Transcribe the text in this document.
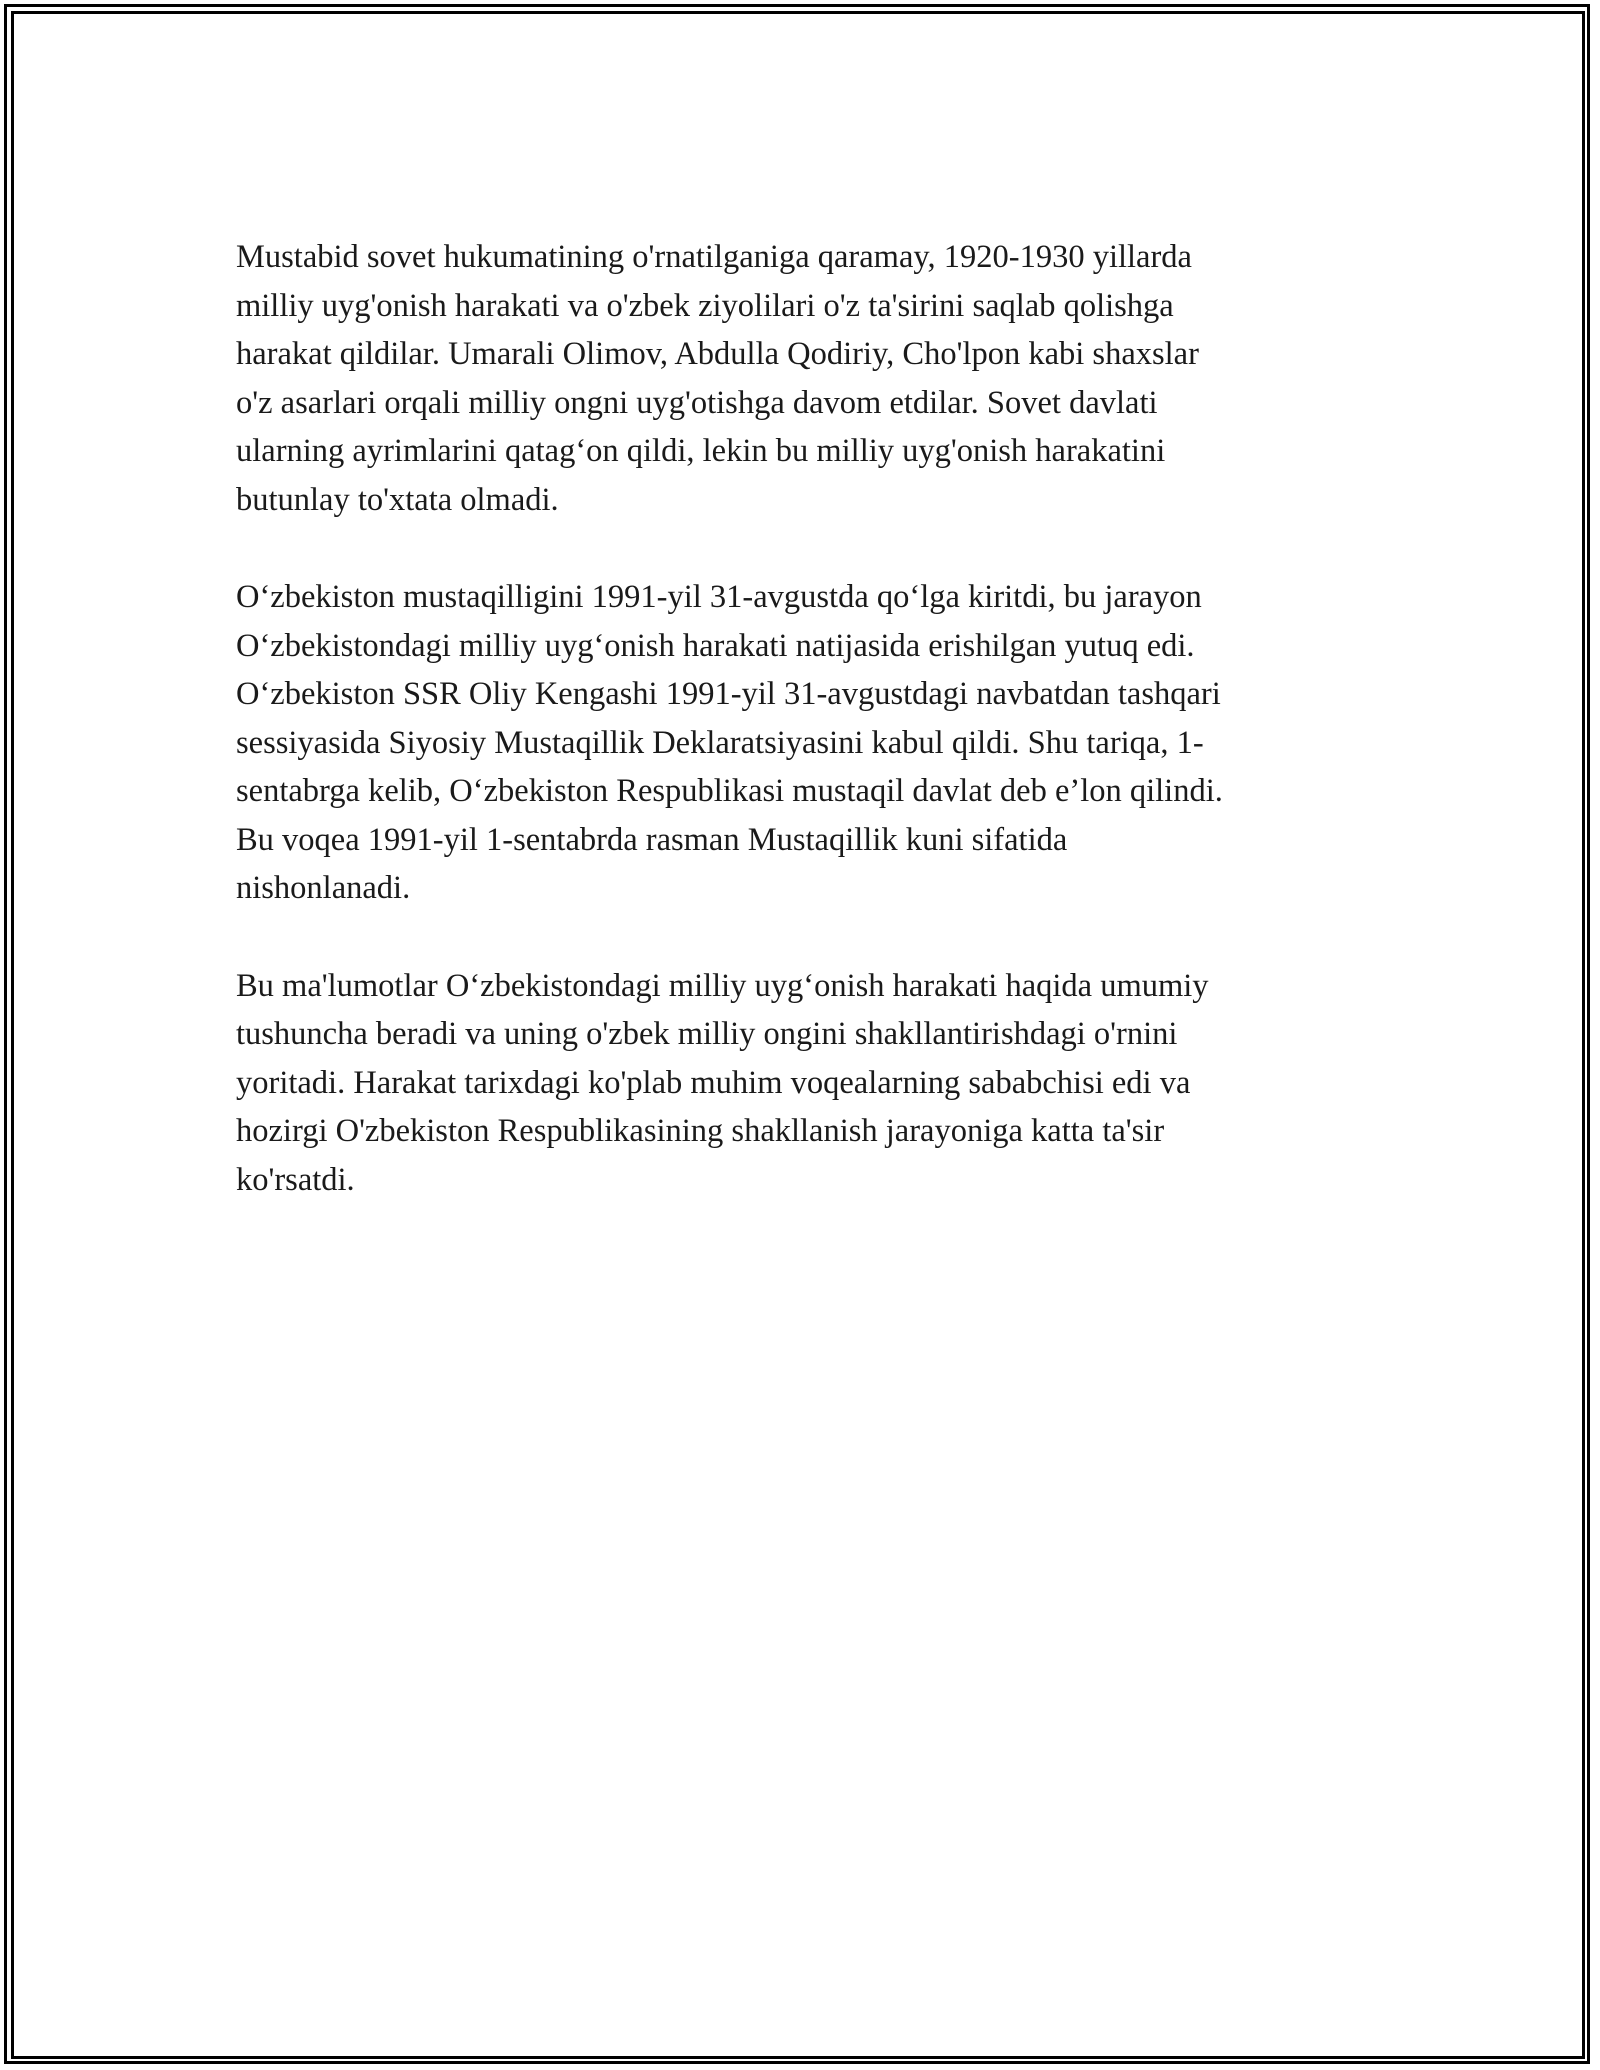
Mustabid sovet hukumatining o'rnatilganiga qaramay, 1920-1930 yillarda
milliy uyg'onish harakati va o'zbek ziyolilari o'z ta'sirini saqlab qolishga
harakat qildilar. Umarali Olimov, Abdulla Qodiriy, Cho'lpon kabi shaxslar
o'z asarlari orqali milliy ongni uyg'otishga davom etdilar. Sovet davlati
ularning ayrimlarini qatag‘on qildi, lekin bu milliy uyg'onish harakatini
butunlay to'xtata olmadi.

O‘zbekiston mustaqilligini 1991-yil 31-avgustda qo‘lga kiritdi, bu jarayon
O‘zbekistondagi milliy uyg‘onish harakati natijasida erishilgan yutuq edi.
O‘zbekiston SSR Oliy Kengashi 1991-yil 31-avgustdagi navbatdan tashqari
sessiyasida Siyosiy Mustaqillik Deklaratsiyasini kabul qildi. Shu tariqa, 1-
sentabrga kelib, O‘zbekiston Respublikasi mustaqil davlat deb e’lon qilindi.
Bu voqea 1991-yil 1-sentabrda rasman Mustaqillik kuni sifatida
nishonlanadi.

Bu ma'lumotlar O‘zbekistondagi milliy uyg‘onish harakati haqida umumiy
tushuncha beradi va uning o'zbek milliy ongini shakllantirishdagi o'rnini
yoritadi. Harakat tarixdagi ko'plab muhim voqealarning sababchisi edi va
hozirgi O'zbekiston Respublikasining shakllanish jarayoniga katta ta'sir
ko'rsatdi.
